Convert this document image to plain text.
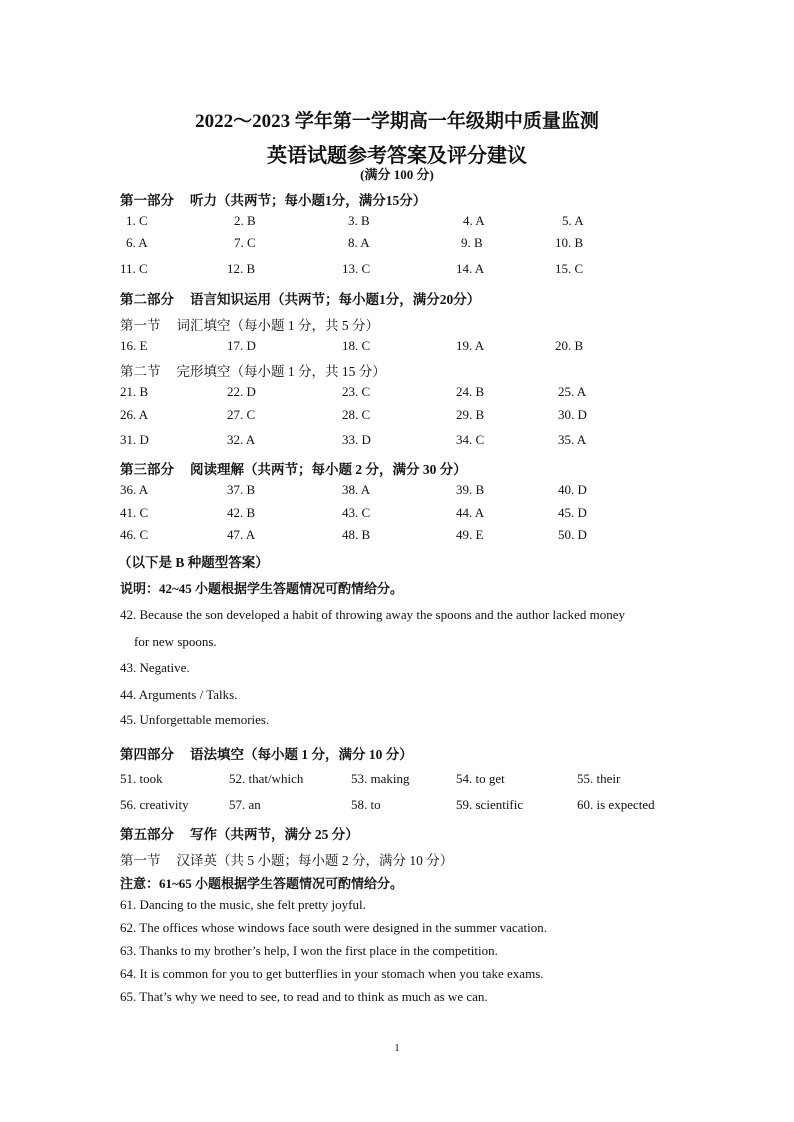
2022～2023 学年第一学期高一年级期中质量监测
英语试题参考答案及评分建议
(满分 100 分)
第一部分 听力（共两节；每小题1分，满分15分）
1. C	2. B	3. B	4. A	5. A
6. A	7. C	8. A	9. B	10. B
11. C	12. B	13. C	14. A	15. C
第二部分 语言知识运用（共两节；每小题1分，满分20分）
第一节 词汇填空（每小题 1 分，共 5 分）
16. E	17. D	18. C	19. A	20. B
第二节 完形填空（每小题 1 分，共 15 分）
21. B	22. D	23. C	24. B	25. A
26. A	27. C	28. C	29. B	30. D
31. D	32. A	33. D	34. C	35. A
第三部分 阅读理解（共两节；每小题 2 分，满分 30 分）
36. A	37. B	38. A	39. B	40. D
41. C	42. B	43. C	44. A	45. D
46. C	47. A	48. B	49. E	50. D
（以下是 B 种题型答案）
说明：42~45 小题根据学生答题情况可酌情给分。
42. Because the son developed a habit of throwing away the spoons and the author lacked money
for new spoons.
43. Negative.
44. Arguments / Talks.
45. Unforgettable memories.
第四部分 语法填空（每小题 1 分，满分 10 分）
51. took	52. that/which	53. making	54. to get	55. their
56. creativity	57. an	58. to	59. scientific	60. is expected
第五部分 写作（共两节，满分 25 分）
第一节 汉译英（共 5 小题；每小题 2 分，满分 10 分）
注意：61~65 小题根据学生答题情况可酌情给分。
61. Dancing to the music, she felt pretty joyful.
62. The offices whose windows face south were designed in the summer vacation.
63. Thanks to my brother’s help, I won the first place in the competition.
64. It is common for you to get butterflies in your stomach when you take exams.
65. That’s why we need to see, to read and to think as much as we can.
1
